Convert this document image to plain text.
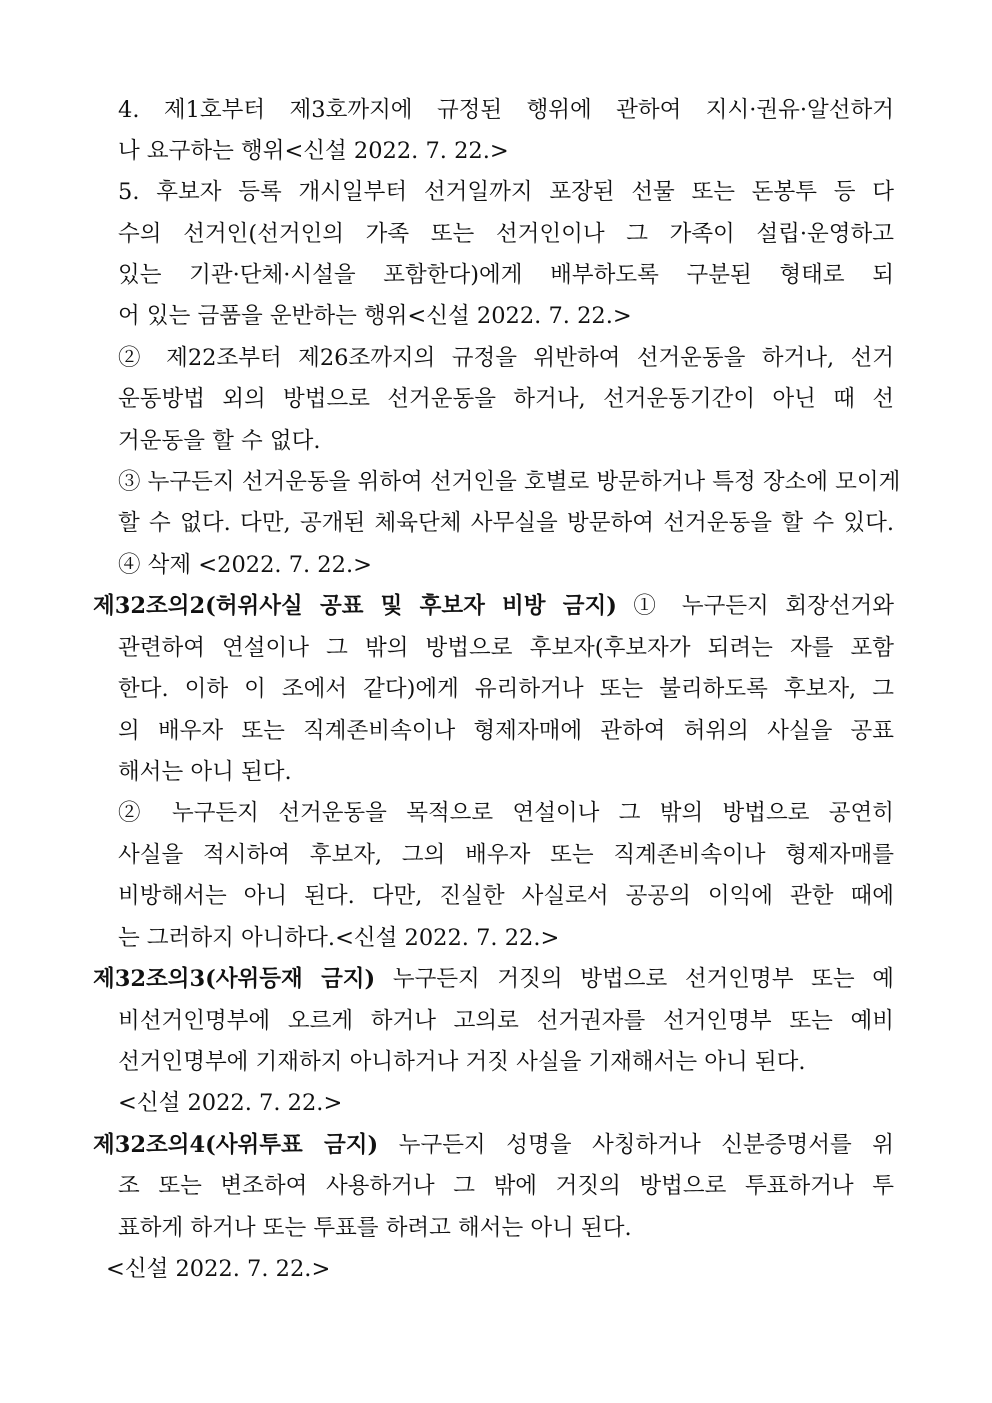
4. 제1호부터 제3호까지에 규정된 행위에 관하여 지시·권유·알선하거
나 요구하는 행위<신설 2022. 7. 22.>
5. 후보자 등록 개시일부터 선거일까지 포장된 선물 또는 돈봉투 등 다
수의 선거인(선거인의 가족 또는 선거인이나 그 가족이 설립·운영하고
있는 기관·단체·시설을 포함한다)에게 배부하도록 구분된 형태로 되
어 있는 금품을 운반하는 행위<신설 2022. 7. 22.>
② 제22조부터 제26조까지의 규정을 위반하여 선거운동을 하거나, 선거
운동방법 외의 방법으로 선거운동을 하거나, 선거운동기간이 아닌 때 선
거운동을 할 수 없다.
③ 누구든지 선거운동을 위하여 선거인을 호별로 방문하거나 특정 장소에 모이게
할 수 없다. 다만, 공개된 체육단체 사무실을 방문하여 선거운동을 할 수 있다.
④ 삭제 <2022. 7. 22.>
제32조의2(허위사실 공표 및 후보자 비방 금지) ① 누구든지 회장선거와
관련하여 연설이나 그 밖의 방법으로 후보자(후보자가 되려는 자를 포함
한다. 이하 이 조에서 같다)에게 유리하거나 또는 불리하도록 후보자, 그
의 배우자 또는 직계존비속이나 형제자매에 관하여 허위의 사실을 공표
해서는 아니 된다.
② 누구든지 선거운동을 목적으로 연설이나 그 밖의 방법으로 공연히
사실을 적시하여 후보자, 그의 배우자 또는 직계존비속이나 형제자매를
비방해서는 아니 된다. 다만, 진실한 사실로서 공공의 이익에 관한 때에
는 그러하지 아니하다.<신설 2022. 7. 22.>
제32조의3(사위등재 금지) 누구든지 거짓의 방법으로 선거인명부 또는 예
비선거인명부에 오르게 하거나 고의로 선거권자를 선거인명부 또는 예비
선거인명부에 기재하지 아니하거나 거짓 사실을 기재해서는 아니 된다.
<신설 2022. 7. 22.>
제32조의4(사위투표 금지) 누구든지 성명을 사칭하거나 신분증명서를 위
조 또는 변조하여 사용하거나 그 밖에 거짓의 방법으로 투표하거나 투
표하게 하거나 또는 투표를 하려고 해서는 아니 된다.
<신설 2022. 7. 22.>
